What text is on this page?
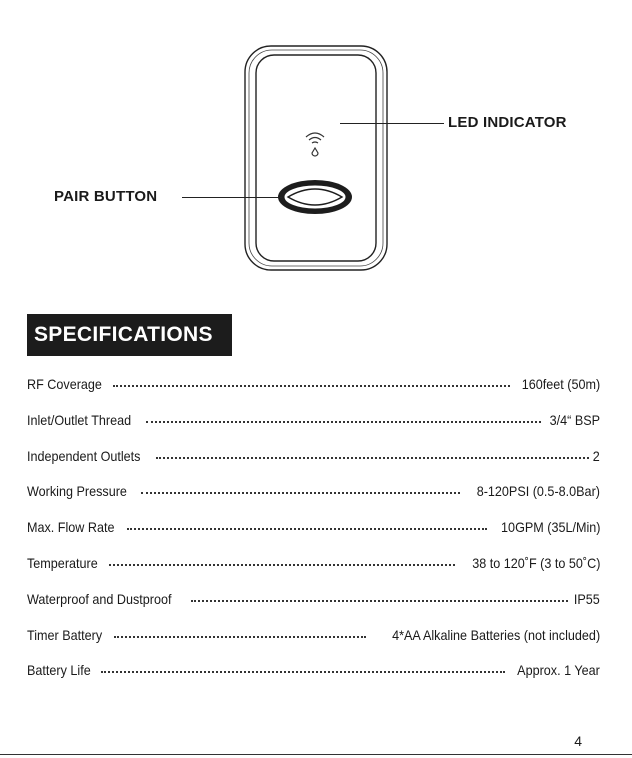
LED INDICATOR
PAIR BUTTON
SPECIFICATIONS
RF Coverage	160feet (50m)
Inlet/Outlet Thread	3/4“ BSP
Independent Outlets	2
Working Pressure	8-120PSI (0.5-8.0Bar)
Max. Flow Rate	10GPM (35L/Min)
Temperature	38 to 120˚F (3 to 50˚C)
Waterproof and Dustproof	IP55
Timer Battery	4*AA Alkaline Batteries (not included)
Battery Life	Approx. 1 Year
4
